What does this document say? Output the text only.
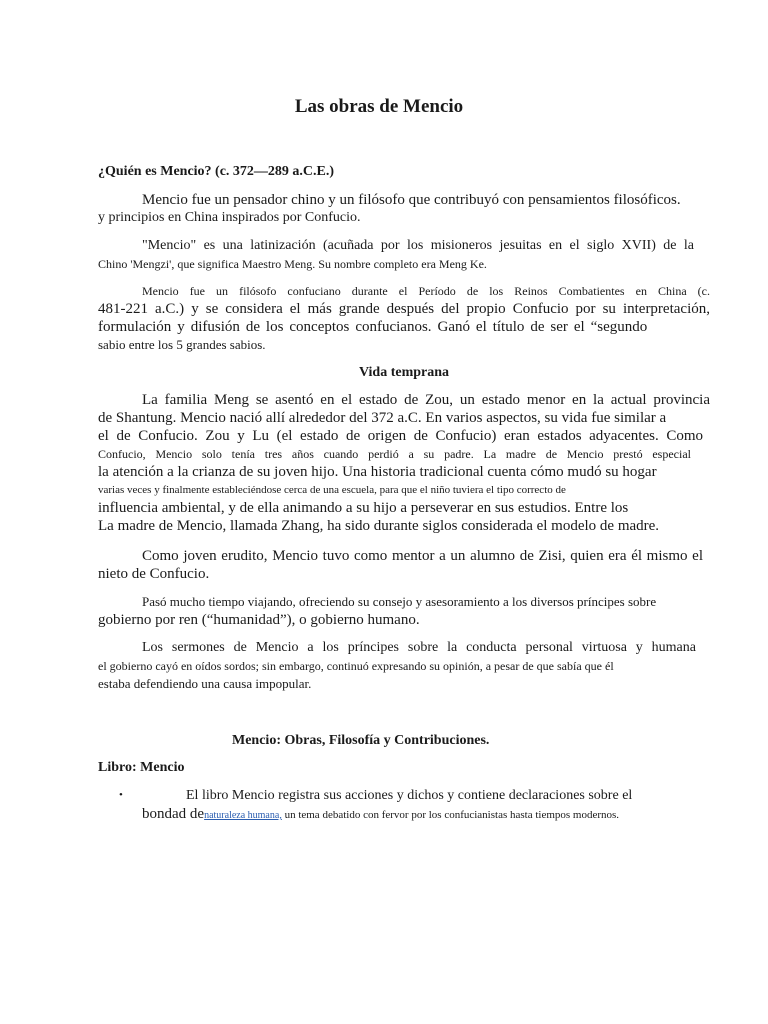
Las obras de Mencio

¿Quién es Mencio? (c. 372—289 a.C.E.)

Mencio fue un pensador chino y un filósofo que contribuyó con pensamientos filosóficos.
y principios en China inspirados por Confucio.
"Mencio" es una latinización (acuñada por los misioneros jesuitas en el siglo XVII) de la
Chino 'Mengzi', que significa Maestro Meng. Su nombre completo era Meng Ke.
Mencio fue un filósofo confuciano durante el Período de los Reinos Combatientes en China (c.
481-221 a.C.) y se considera el más grande después del propio Confucio por su interpretación,
formulación y difusión de los conceptos confucianos. Ganó el título de ser el “segundo
sabio entre los 5 grandes sabios.

Vida temprana

La familia Meng se asentó en el estado de Zou, un estado menor en la actual provincia
de Shantung. Mencio nació allí alrededor del 372 a.C. En varios aspectos, su vida fue similar a
el de Confucio. Zou y Lu (el estado de origen de Confucio) eran estados adyacentes. Como
Confucio, Mencio solo tenía tres años cuando perdió a su padre. La madre de Mencio prestó especial
la atención a la crianza de su joven hijo. Una historia tradicional cuenta cómo mudó su hogar
varias veces y finalmente estableciéndose cerca de una escuela, para que el niño tuviera el tipo correcto de
influencia ambiental, y de ella animando a su hijo a perseverar en sus estudios. Entre los
La madre de Mencio, llamada Zhang, ha sido durante siglos considerada el modelo de madre.
Como joven erudito, Mencio tuvo como mentor a un alumno de Zisi, quien era él mismo el
nieto de Confucio.
Pasó mucho tiempo viajando, ofreciendo su consejo y asesoramiento a los diversos príncipes sobre
gobierno por ren (“humanidad”), o gobierno humano.
Los sermones de Mencio a los príncipes sobre la conducta personal virtuosa y humana
el gobierno cayó en oídos sordos; sin embargo, continuó expresando su opinión, a pesar de que sabía que él
estaba defendiendo una causa impopular.

Mencio: Obras, Filosofía y Contribuciones.

Libro: Mencio

•	El libro Mencio registra sus acciones y dichos y contiene declaraciones sobre el
bondad denaturaleza humana, un tema debatido con fervor por los confucianistas hasta tiempos modernos.
